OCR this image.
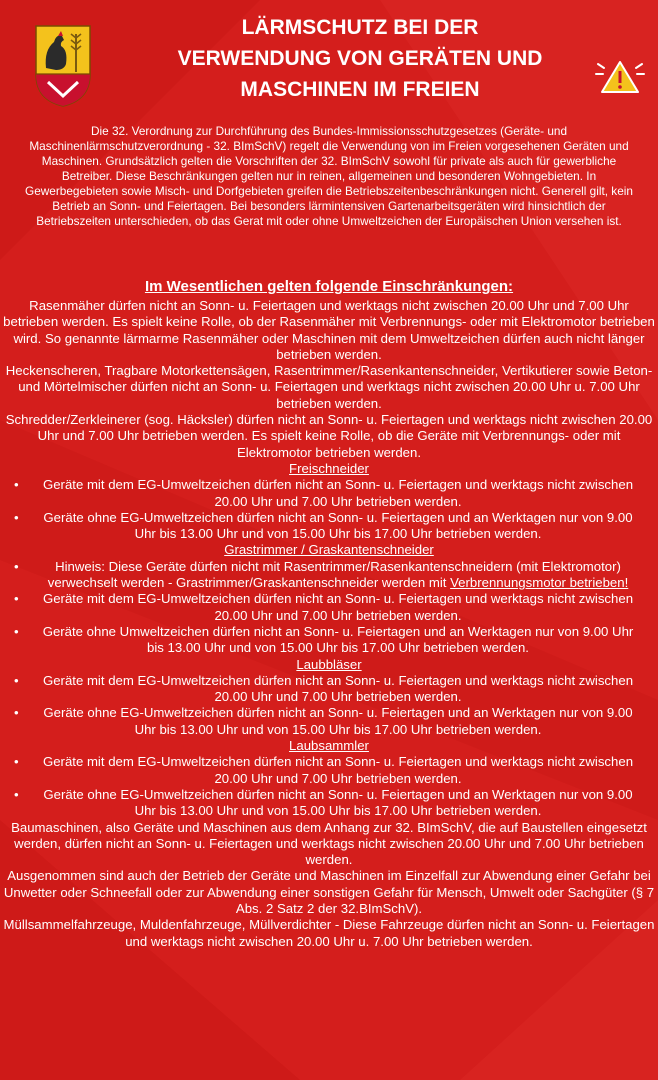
LÄRMSCHUTZ BEI DER
VERWENDUNG VON GERÄTEN UND
MASCHINEN IM FREIEN

Die 32. Verordnung zur Durchführung des Bundes-Immissionsschutzgesetzes (Geräte- und Maschinenlärmschutzverordnung - 32. BImSchV) regelt die Verwendung von im Freien vorgesehenen Geräten und Maschinen. Grundsätzlich gelten die Vorschriften der 32. BImSchV sowohl für private als auch für gewerbliche Betreiber. Diese Beschränkungen gelten nur in reinen, allgemeinen und besonderen Wohngebieten. In Gewerbegebieten sowie Misch- und Dorfgebieten greifen die Betriebszeitenbeschränkungen nicht. Generell gilt, kein Betrieb an Sonn- und Feiertagen. Bei besonders lärmintensiven Gartenarbeitsgeräten wird hinsichtlich der Betriebszeiten unterschieden, ob das Gerat mit oder ohne Umweltzeichen der Europäischen Union versehen ist.

Im Wesentlichen gelten folgende Einschränkungen:

Rasenmäher dürfen nicht an Sonn- u. Feiertagen und werktags nicht zwischen 20.00 Uhr und 7.00 Uhr betrieben werden. Es spielt keine Rolle, ob der Rasenmäher mit Verbrennungs- oder mit Elektromotor betrieben wird. So genannte lärmarme Rasenmäher oder Maschinen mit dem Umweltzeichen dürfen auch nicht länger betrieben werden.

Heckenscheren, Tragbare Motorkettensägen, Rasentrimmer/Rasenkantenschneider, Vertikutierer sowie Beton- und Mörtelmischer dürfen nicht an Sonn- u. Feiertagen und werktags nicht zwischen 20.00 Uhr u. 7.00 Uhr betrieben werden.

Schredder/Zerkleinerer (sog. Häcksler) dürfen nicht an Sonn- u. Feiertagen und werktags nicht zwischen 20.00 Uhr und 7.00 Uhr betrieben werden. Es spielt keine Rolle, ob die Geräte mit Verbrennungs- oder mit Elektromotor betrieben werden.

Freischneider

• Geräte mit dem EG-Umweltzeichen dürfen nicht an Sonn- u. Feiertagen und werktags nicht zwischen 20.00 Uhr und 7.00 Uhr betrieben werden.
• Geräte ohne EG-Umweltzeichen dürfen nicht an Sonn- u. Feiertagen und an Werktagen nur von 9.00 Uhr bis 13.00 Uhr und von 15.00 Uhr bis 17.00 Uhr betrieben werden.

Grastrimmer / Graskantenschneider

•	Hinweis: Diese Geräte dürfen nicht mit Rasentrimmer/Rasenkantenschneidern (mit Elektromotor) verwechselt werden - Grastrimmer/Graskantenschneider werden mit Verbrennungsmotor betrieben!
• Geräte mit dem EG-Umweltzeichen dürfen nicht an Sonn- u. Feiertagen und werktags nicht zwischen 20.00 Uhr und 7.00 Uhr betrieben werden.
• Geräte ohne Umweltzeichen dürfen nicht an Sonn- u. Feiertagen und an Werktagen nur von 9.00 Uhr bis 13.00 Uhr und von 15.00 Uhr bis 17.00 Uhr betrieben werden.

Laubbläser

• Geräte mit dem EG-Umweltzeichen dürfen nicht an Sonn- u. Feiertagen und werktags nicht zwischen 20.00 Uhr und 7.00 Uhr betrieben werden.
• Geräte ohne EG-Umweltzeichen dürfen nicht an Sonn- u. Feiertagen und an Werktagen nur von 9.00 Uhr bis 13.00 Uhr und von 15.00 Uhr bis 17.00 Uhr betrieben werden.

Laubsammler

• Geräte mit dem EG-Umweltzeichen dürfen nicht an Sonn- u. Feiertagen und werktags nicht zwischen 20.00 Uhr und 7.00 Uhr betrieben werden.
• Geräte ohne EG-Umweltzeichen dürfen nicht an Sonn- u. Feiertagen und an Werktagen nur von 9.00 Uhr bis 13.00 Uhr und von 15.00 Uhr bis 17.00 Uhr betrieben werden.

Baumaschinen, also Geräte und Maschinen aus dem Anhang zur 32. BImSchV, die auf Baustellen eingesetzt werden, dürfen nicht an Sonn- u. Feiertagen und werktags nicht zwischen 20.00 Uhr und 7.00 Uhr betrieben werden.

Ausgenommen sind auch der Betrieb der Geräte und Maschinen im Einzelfall zur Abwendung einer Gefahr bei Unwetter oder Schneefall oder zur Abwendung einer sonstigen Gefahr für Mensch, Umwelt oder Sachgüter (§ 7 Abs. 2 Satz 2 der 32.BImSchV).

Müllsammelfahrzeuge, Muldenfahrzeuge, Müllverdichter - Diese Fahrzeuge dürfen nicht an Sonn- u. Feiertagen und werktags nicht zwischen 20.00 Uhr u. 7.00 Uhr betrieben werden.
